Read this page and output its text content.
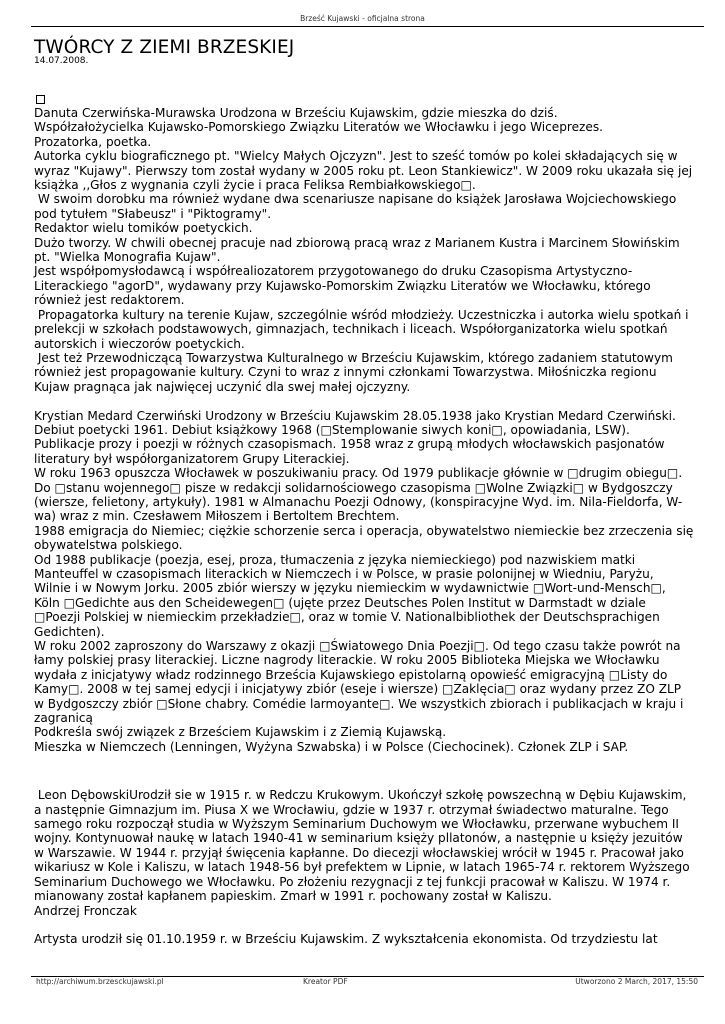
Brześć Kujawski - oficjalna strona
TWÓRCY Z ZIEMI BRZESKIEJ
14.07.2008.

Danuta Czerwińska-Murawska Urodzona w Brześciu Kujawskim, gdzie mieszka do dziś.
Współzałożycielka Kujawsko-Pomorskiego Związku Literatów we Włocławku i jego Wiceprezes.
Prozatorka, poetka.
Autorka cyklu biograficznego pt. "Wielcy Małych Ojczyzn". Jest to sześć tomów po kolei składających się w wyraz "Kujawy". Pierwszy tom został wydany w 2005 roku pt. Leon Stankiewicz". W 2009 roku ukazała się jej książka ,,Głos z wygnania czyli życie i praca Feliksa Rembiałkowskiego□.
W swoim dorobku ma również wydane dwa scenariusze napisane do książek Jarosława Wojciechowskiego pod tytułem "Słabeusz" i "Piktogramy".
Redaktor wielu tomików poetyckich.
Dużo tworzy. W chwili obecnej pracuje nad zbiorową pracą wraz z Marianem Kustra i Marcinem Słowińskim pt. "Wielka Monografia Kujaw".
Jest współpomysłodawcą i współrealiozatorem przygotowanego do druku Czasopisma Artystyczno-Literackiego "agorD", wydawany przy Kujawsko-Pomorskim Związku Literatów we Włocławku, którego również jest redaktorem.
Propagatorka kultury na terenie Kujaw, szczególnie wśród młodzieży. Uczestniczka i autorka wielu spotkań i prelekcji w szkołach podstawowych, gimnazjach, technikach i liceach. Współorganizatorka wielu spotkań autorskich i wieczorów poetyckich.
Jest też Przewodniczącą Towarzystwa Kulturalnego w Brześciu Kujawskim, którego zadaniem statutowym również jest propagowanie kultury. Czyni to wraz z innymi członkami Towarzystwa. Miłośniczka regionu Kujaw pragnąca jak najwięcej uczynić dla swej małej ojczyzny.

Krystian Medard Czerwiński Urodzony w Brześciu Kujawskim 28.05.1938 jako Krystian Medard Czerwiński. Debiut poetycki 1961. Debiut książkowy 1968 (□Stemplowanie siwych koni□, opowiadania, LSW). Publikacje prozy i poezji w różnych czasopismach. 1958 wraz z grupą młodych włocławskich pasjonatów literatury był współorganizatorem Grupy Literackiej.
W roku 1963 opuszcza Włocławek w poszukiwaniu pracy. Od 1979 publikacje głównie w □drugim obiegu□. Do □stanu wojennego□ pisze w redakcji solidarnościowego czasopisma □Wolne Związki□ w Bydgoszczy (wiersze, felietony, artykuły). 1981 w Almanachu Poezji Odnowy, (konspiracyjne Wyd. im. Nila-Fieldorfa, W-wa) wraz z min. Czesławem Miłoszem i Bertoltem Brechtem.
1988 emigracja do Niemiec; ciężkie schorzenie serca i operacja, obywatelstwo niemieckie bez zrzeczenia się obywatelstwa polskiego.
Od 1988 publikacje (poezja, esej, proza, tłumaczenia z języka niemieckiego) pod nazwiskiem matki Manteuffel w czasopismach literackich w Niemczech i w Polsce, w prasie polonijnej w Wiedniu, Paryżu, Wilnie i w Nowym Jorku. 2005 zbiór wierszy w języku niemieckim w wydawnictwie □Wort-und-Mensch□, Köln □Gedichte aus den Scheidewegen□ (ujęte przez Deutsches Polen Institut w Darmstadt w dziale □Poezji Polskiej w niemieckim przekładzie□, oraz w tomie V. Nationalbibliothek der Deutschsprachigen Gedichten).
W roku 2002 zaproszony do Warszawy z okazji □Światowego Dnia Poezji□. Od tego czasu także powrót na łamy polskiej prasy literackiej. Liczne nagrody literackie. W roku 2005 Biblioteka Miejska we Włocławku wydała z inicjatywy władz rodzinnego Brześcia Kujawskiego epistolarną opowieść emigracyjną □Listy do Kamy□. 2008 w tej samej edycji i inicjatywy zbiór (eseje i wiersze) □Zaklęcia□ oraz wydany przez ZO ZLP w Bydgoszczy zbiór □Słone chabry. Comédie larmoyante□. We wszystkich zbiorach i publikacjach w kraju i zagranicą
Podkreśla swój związek z Brześciem Kujawskim i z Ziemią Kujawską.
Mieszka w Niemczech (Lenningen, Wyżyna Szwabska) i w Polsce (Ciechocinek). Członek ZLP i SAP.

Leon DębowskiUrodził sie w 1915 r. w Redczu Krukowym. Ukończył szkołę powszechną w Dębiu Kujawskim, a następnie Gimnazjum im. Piusa X we Wrocławiu, gdzie w 1937 r. otrzymał świadectwo maturalne. Tego samego roku rozpoczął studia w Wyższym Seminarium Duchowym we Włocławku, przerwane wybuchem II wojny. Kontynuował naukę w latach 1940-41 w seminarium księży pllatonów, a następnie u księży jezuitów w Warszawie. W 1944 r. przyjął święcenia kapłanne. Do diecezji włocławskiej wrócił w 1945 r. Pracował jako wikariusz w Kole i Kaliszu, w latach 1948-56 był prefektem w Lipnie, w latach 1965-74 r. rektorem Wyższego Seminarium Duchowego we Włocławku. Po złożeniu rezygnacji z tej funkcji pracował w Kaliszu. W 1974 r. mianowany został kapłanem papieskim. Zmarł w 1991 r. pochowany został w Kaliszu.
Andrzej Fronczak

Artysta urodził się 01.10.1959 r. w Brześciu Kujawskim. Z wykształcenia ekonomista. Od trzydziestu lat

http://archiwum.brzesckujawski.pl	Kreator PDF	Utworzono 2 March, 2017, 15:50
